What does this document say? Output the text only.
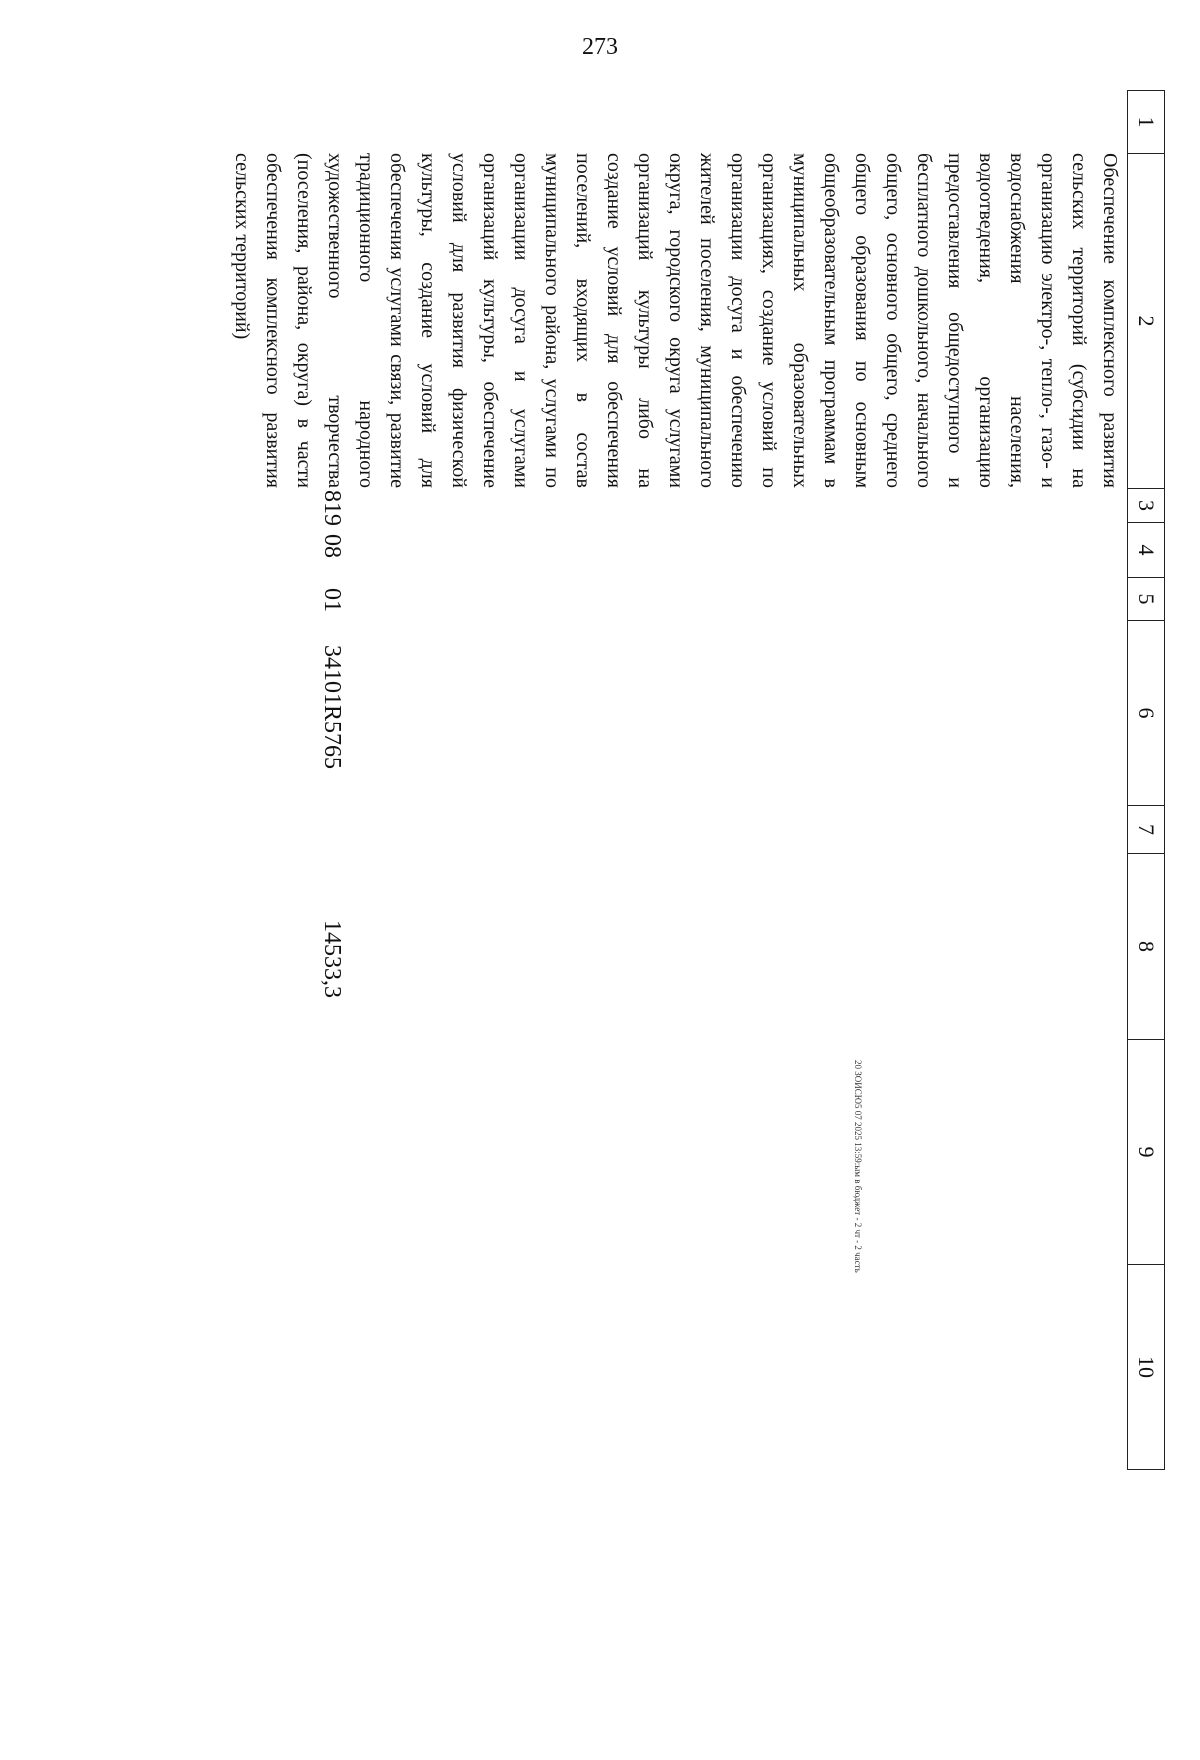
273
1
2
3
4
5
6
7
8
9
10
Обеспечение комплексного развития сельских территорий (субсидии на организацию электро-, тепло-, газо- и водоснабжения населения, водоотведения, организацию предоставления общедоступного и бесплатного дошкольного, начального общего, основного общего, среднего общего образования по основным общеобразовательным программам в муниципальных образовательных организациях, создание условий по организации досуга и обеспечению жителей поселения, муниципального округа, городского округа услугами организаций культуры либо на создание условий для обеспечения поселений, входящих в состав муниципального района, услугами по организации досуга и услугами организаций культуры, обеспечение условий для развития физической культуры, создание условий для обеспечения услугами связи, развитие традиционного народного художественного творчества (поселения, района, округа) в части обеспечения комплексного развития сельских территорий)
819
08
01
34101R5765
14533,3
20 ЗОИСЮ5 07 2025 13:59:ым в бюджет - 2 чт - 2 часть
